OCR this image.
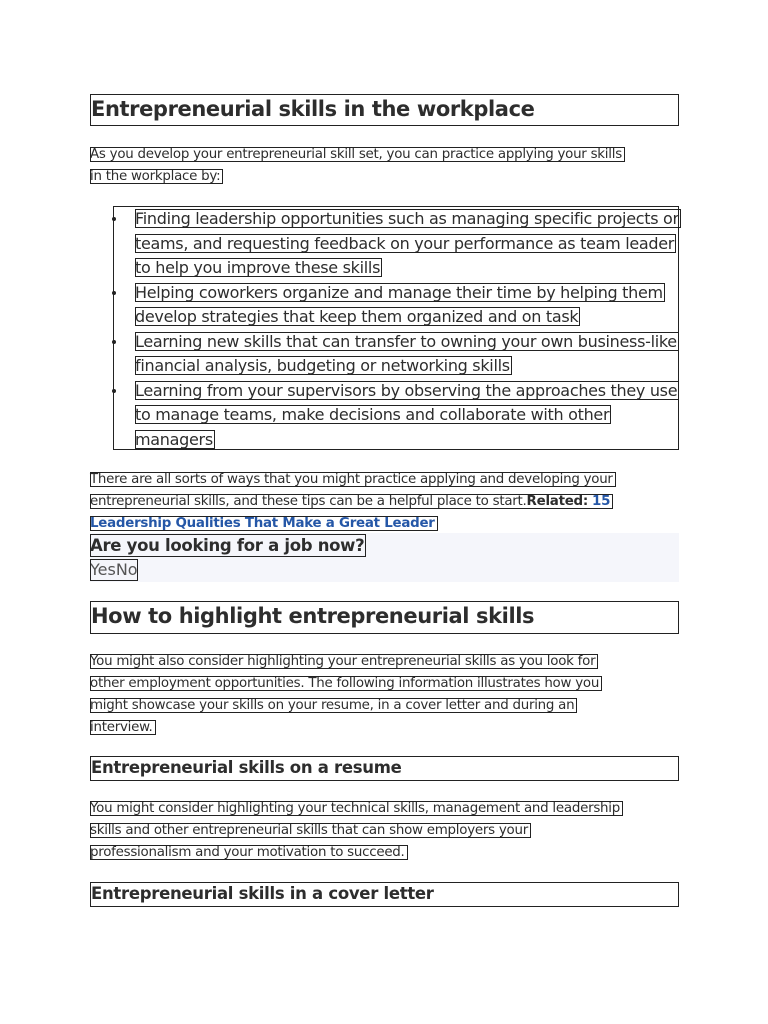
Entrepreneurial skills in the workplace
As you develop your entrepreneurial skill set, you can practice applying your skills
in the workplace by:
Finding leadership opportunities such as managing specific projects or teams, and requesting feedback on your performance as team leader to help you improve these skills
Helping coworkers organize and manage their time by helping them develop strategies that keep them organized and on task
Learning new skills that can transfer to owning your own business-like financial analysis, budgeting or networking skills
Learning from your supervisors by observing the approaches they use to manage teams, make decisions and collaborate with other managers
There are all sorts of ways that you might practice applying and developing your entrepreneurial skills, and these tips can be a helpful place to start.Related: 15 Leadership Qualities That Make a Great Leader
Are you looking for a job now?
YesNo
How to highlight entrepreneurial skills
You might also consider highlighting your entrepreneurial skills as you look for
other employment opportunities. The following information illustrates how you
might showcase your skills on your resume, in a cover letter and during an
interview.
Entrepreneurial skills on a resume
You might consider highlighting your technical skills, management and leadership
skills and other entrepreneurial skills that can show employers your
professionalism and your motivation to succeed.
Entrepreneurial skills in a cover letter
